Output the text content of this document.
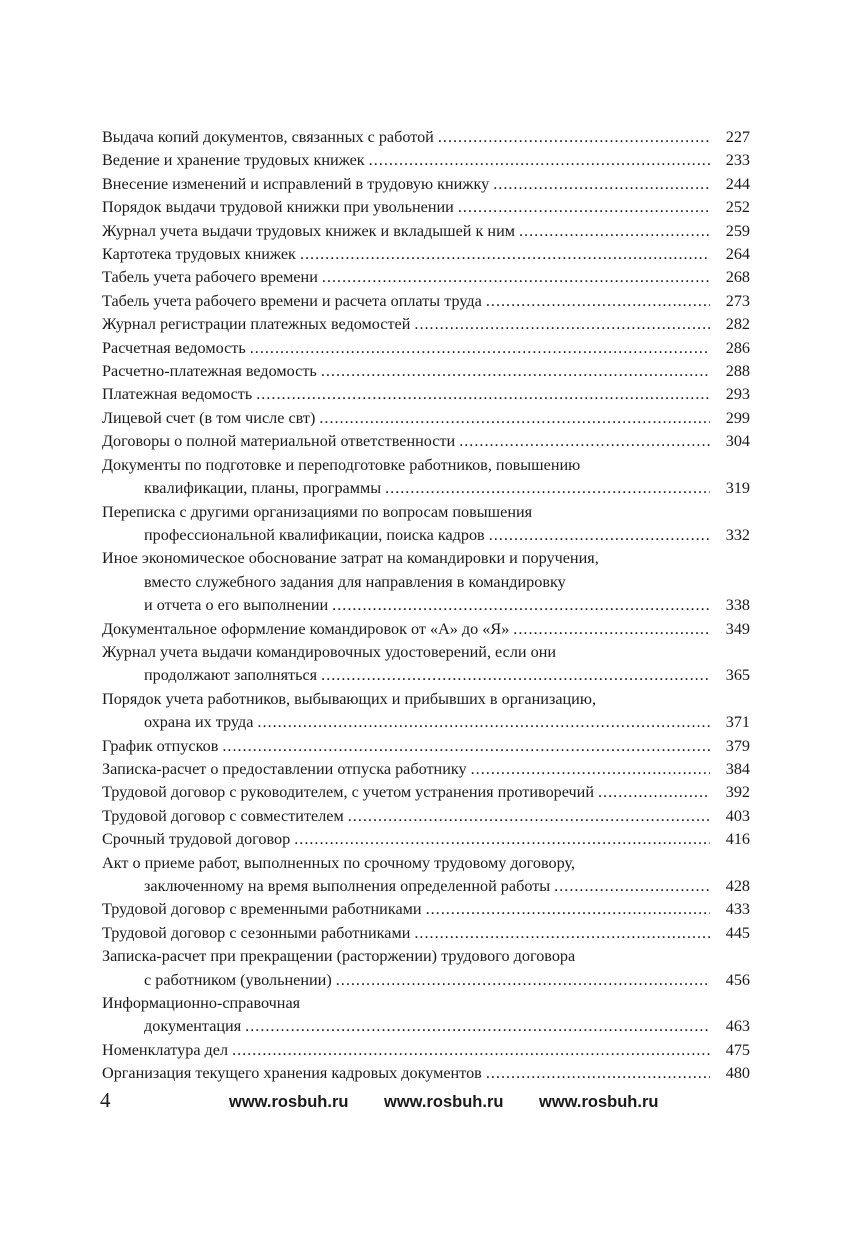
Выдача копий документов, связанных с работой .....	227
Ведение и хранение трудовых книжек .....	233
Внесение изменений и исправлений в трудовую книжку .....	244
Порядок выдачи трудовой книжки при увольнении .....	252
Журнал учета выдачи трудовых книжек и вкладышей к ним .....	259
Картотека трудовых книжек .....	264
Табель учета рабочего времени .....	268
Табель учета рабочего времени и расчета оплаты труда .....	273
Журнал регистрации платежных ведомостей .....	282
Расчетная ведомость .....	286
Расчетно-платежная ведомость .....	288
Платежная ведомость .....	293
Лицевой счет (в том числе свт) .....	299
Договоры о полной материальной ответственности .....	304
Документы по подготовке и переподготовке работников, повышению
квалификации, планы, программы .....	319
Переписка с другими организациями по вопросам повышения
профессиональной квалификации, поиска кадров .....	332
Иное экономическое обоснование затрат на командировки и поручения,
вместо служебного задания для направления в командировку
и отчета о его выполнении .....	338
Документальное оформление командировок от «А» до «Я» .....	349
Журнал учета выдачи командировочных удостоверений, если они
продолжают заполняться .....	365
Порядок учета работников, выбывающих и прибывших в организацию,
охрана их труда .....	371
График отпусков .....	379
Записка-расчет о предоставлении отпуска работнику .....	384
Трудовой договор с руководителем, с учетом устранения противоречий .....	392
Трудовой договор с совместителем .....	403
Срочный трудовой договор .....	416
Акт о приеме работ, выполненных по срочному трудовому договору,
заключенному на время выполнения определенной работы .....	428
Трудовой договор с временными работниками .....	433
Трудовой договор с сезонными работниками .....	445
Записка-расчет при прекращении (расторжении) трудового договора
с работником (увольнении) .....	456
Информационно-справочная
документация .....	463
Номенклатура дел .....	475
Организация текущего хранения кадровых документов .....	480
4	www.rosbuh.ru www.rosbuh.ru www.rosbuh.ru
